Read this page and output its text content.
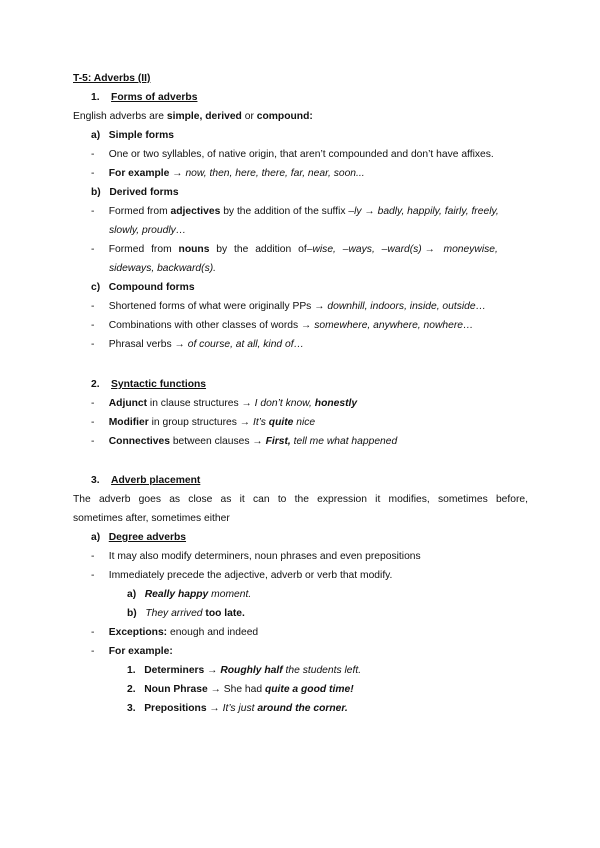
T-5: Adverbs (II)
1. Forms of adverbs
English adverbs are simple, derived or compound:
a) Simple forms
-     One or two syllables, of native origin, that aren’t compounded and don’t have affixes.
-     For example → now, then, here, there, far, near, soon...
b) Derived forms
-     Formed from adjectives by the addition of the suffix –ly → badly, happily, fairly, freely,
slowly, proudly…
-     Formed from nouns by the addition of–wise, –ways, –ward(s) →   moneywise,
sideways, backward(s).
c) Compound forms
-     Shortened forms of what were originally PPs → downhill, indoors, inside, outside…
-     Combinations with other classes of words → somewhere, anywhere, nowhere…
-     Phrasal verbs → of course, at all, kind of…
2. Syntactic functions
-     Adjunct in clause structures → I don’t know, honestly
-     Modifier in group structures → It’s quite nice
-     Connectives between clauses → First, tell me what happened
3. Adverb placement
The adverb goes as close as it can to the expression it modifies, sometimes before,
sometimes after, sometimes either
a) Degree adverbs
-     It may also modify determiners, noun phrases and even prepositions
-     Immediately precede the adjective, adverb or verb that modify.
a) Really happy moment.
b) They arrived too late.
-     Exceptions: enough and indeed
-     For example:
1. Determiners → Roughly half the students left.
2. Noun Phrase → She had quite a good time!
3. Prepositions → It’s just around the corner.
